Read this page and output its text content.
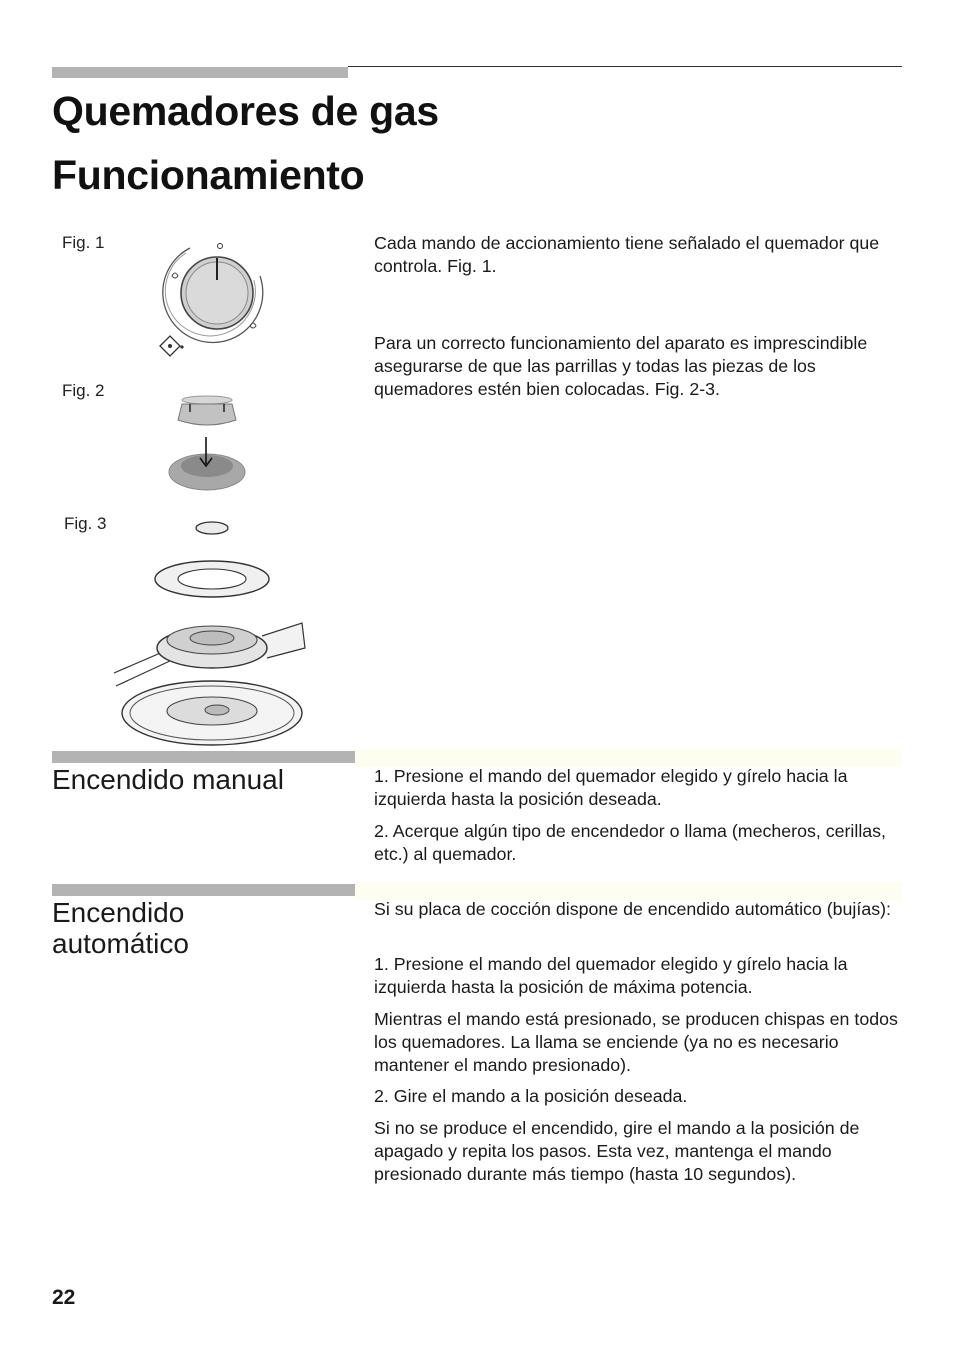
Quemadores de gas
Funcionamiento
Fig. 1
Fig. 2
Fig. 3

Cada mando de accionamiento tiene señalado el quemador que controla. Fig. 1.

Para un correcto funcionamiento del aparato es imprescindible asegurarse de que las parrillas y todas las piezas de los quemadores estén bien colocadas. Fig. 2-3.

Encendido manual	1. Presione el mando del quemador elegido y gírelo hacia la izquierda hasta la posición deseada.

2. Acerque algún tipo de encendedor o llama (mecheros, cerillas, etc.) al quemador.

Encendido
automático

Si su placa de cocción dispone de encendido automático (bujías):

1. Presione el mando del quemador elegido y gírelo hacia la izquierda hasta la posición de máxima potencia.

Mientras el mando está presionado, se producen chispas en todos los quemadores. La llama se enciende (ya no es necesario mantener el mando presionado).

2. Gire el mando a la posición deseada.

Si no se produce el encendido, gire el mando a la posición de apagado y repita los pasos. Esta vez, mantenga el mando presionado durante más tiempo (hasta 10 segundos).

22
